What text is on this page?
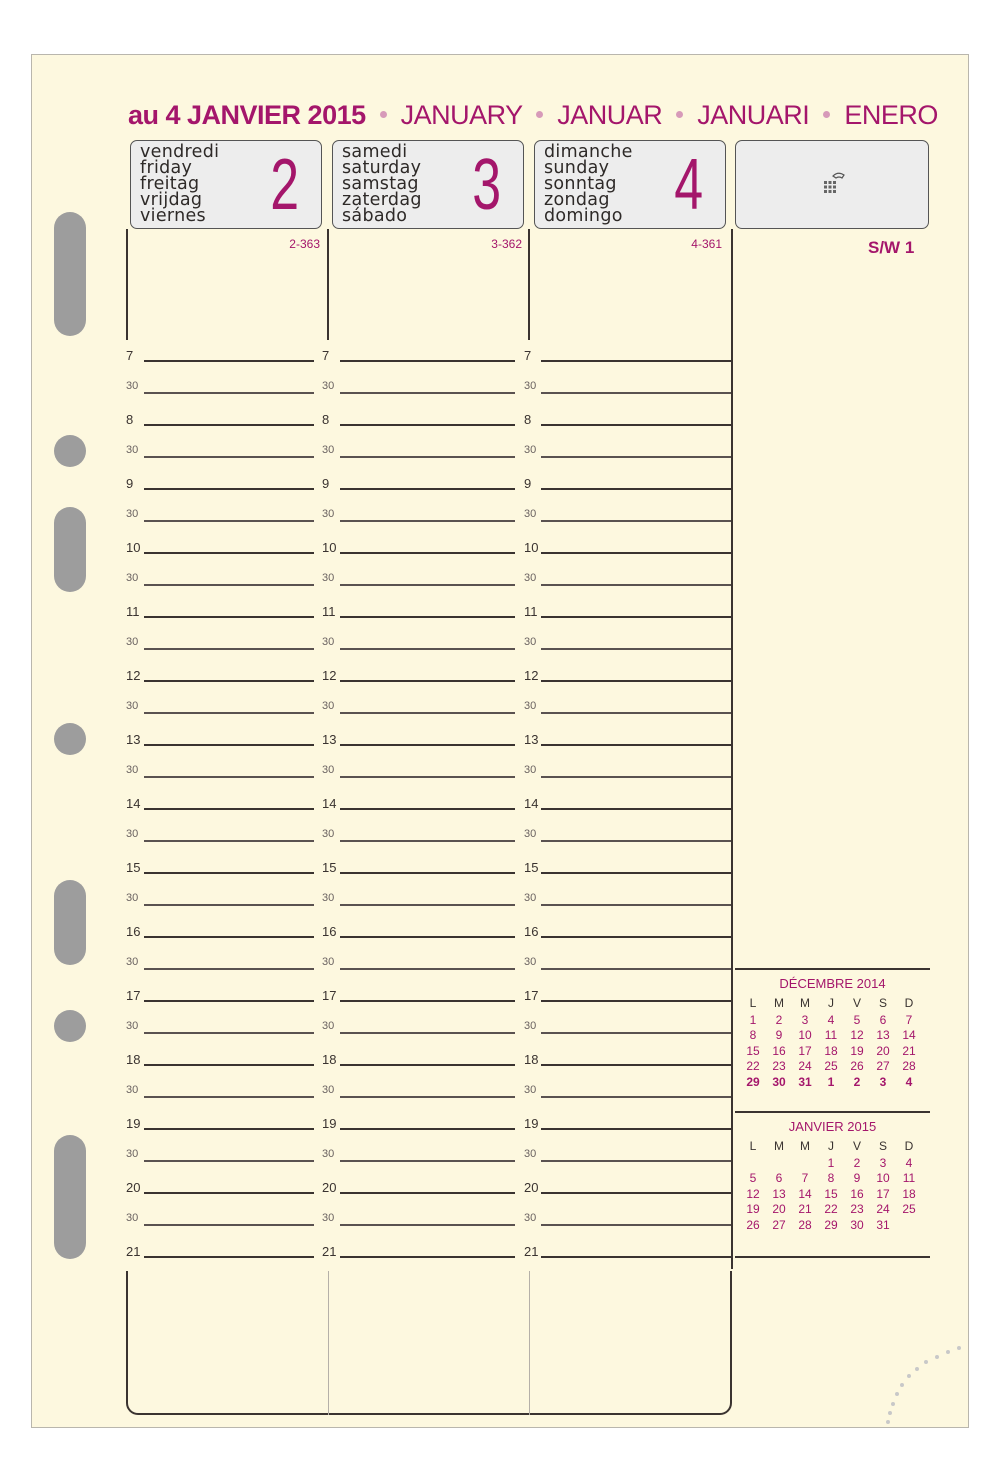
au 4 JANVIER 2015 JANUARY JANUAR JANUARI ENERO
vendredi
friday
freitag
vrijdag
viernes 2 samedi
saturday
samstag
zaterdag
sábado 3 dimanche
sunday
sonntag
zondag
domingo 4
2-363	3-362	4-361	S/W 1
7	7	7
30	30	30
8	8	8
30	30	30
9	9	9
30	30	30
10	10	10
30	30	30
11	11	11
30	30	30
12	12	12
30	30	30
13	13	13
30	30	30
14	14	14
30	30	30
15	15	15
30	30	30
16	16	16
30	30	30
17	17	17
30	30	30
18	18	18
30	30	30
19	19	19
30	30	30
20	20	20
30	30	30
21	21	21
DÉCEMBRE 2014
L	M	M	J	V	S	D
1	2	3	4	5	6	7
8	9	10	11	12	13	14
15	16	17	18	19	20	21
22	23	24	25	26	27	28
29	30	31	1	2	3	4
JANVIER 2015
L	M	M	J	V	S	D
			1	2	3	4
5	6	7	8	9	10	11
12	13	14	15	16	17	18
19	20	21	22	23	24	25
26	27	28	29	30	31	
